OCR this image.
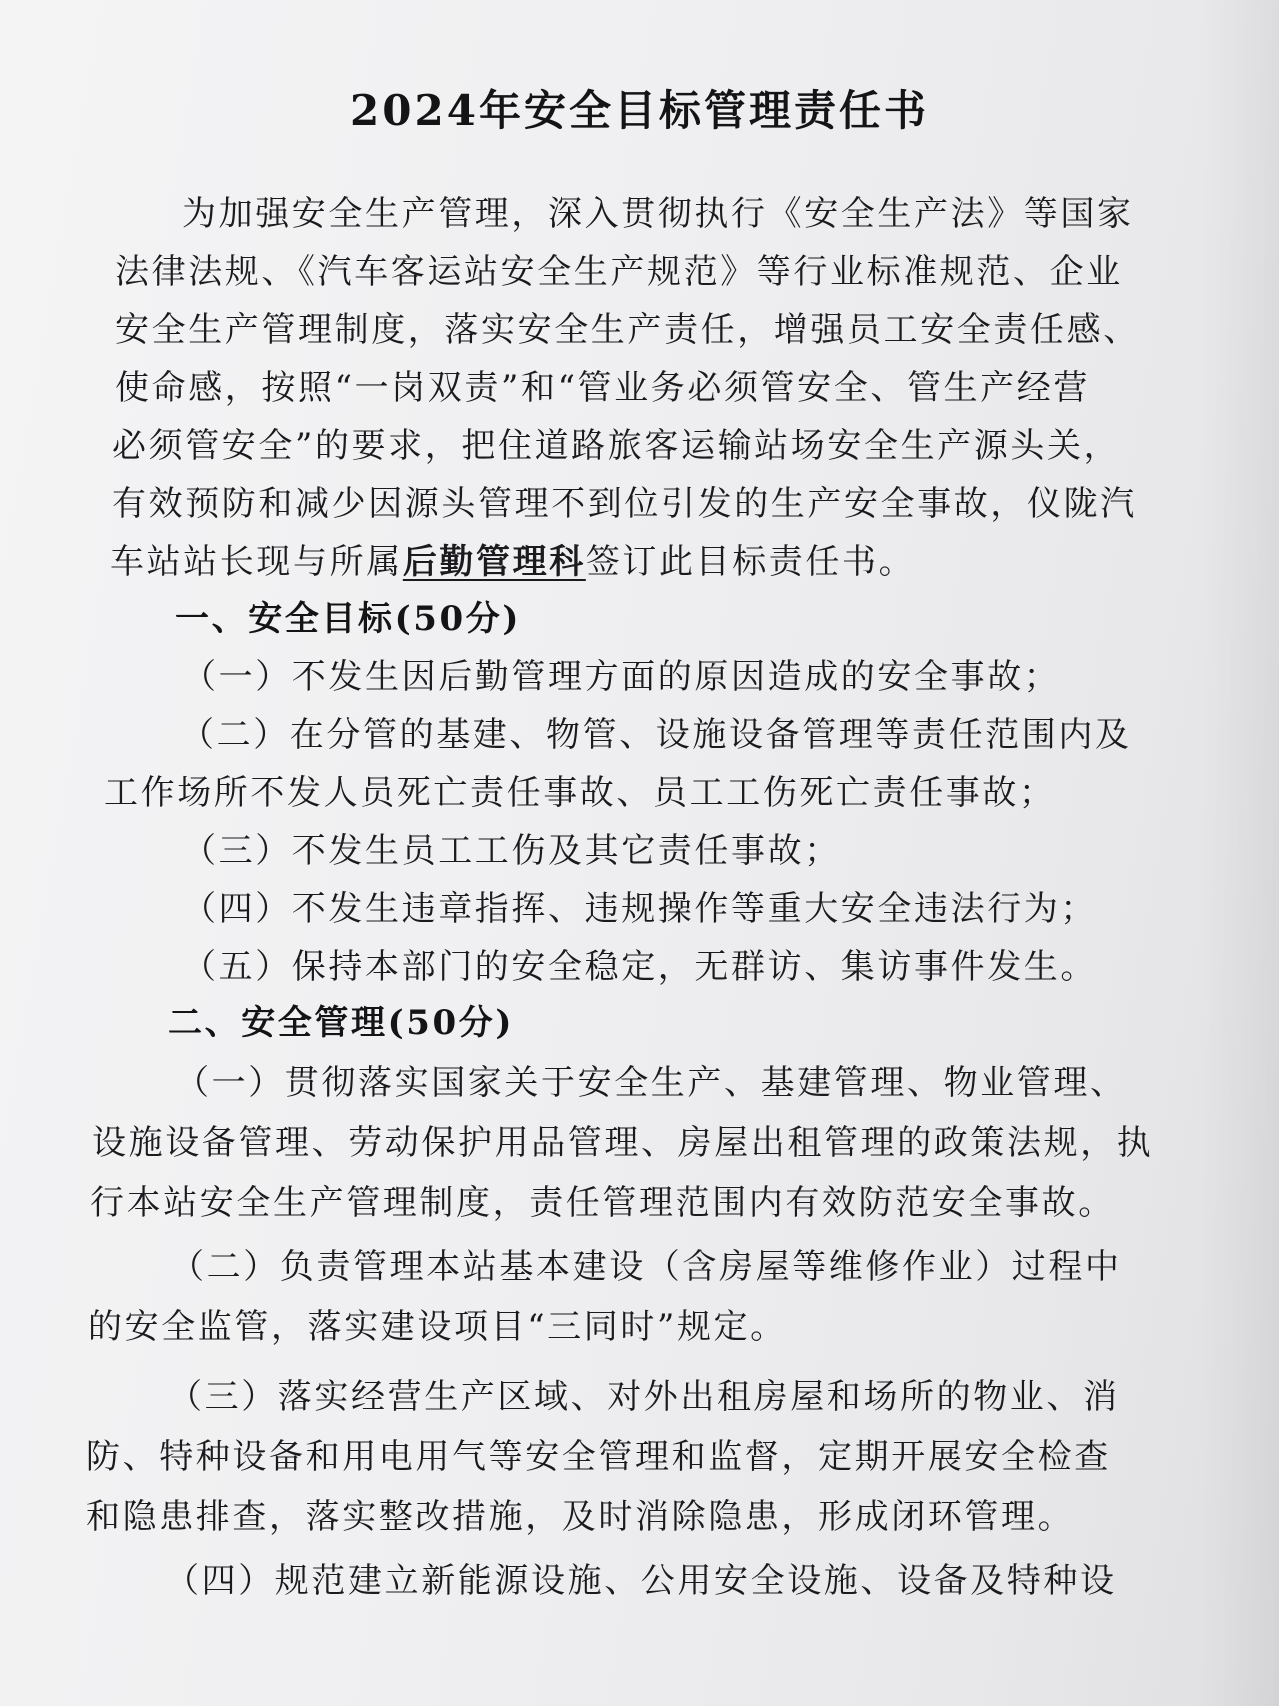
2024年安全目标管理责任书
为加强安全生产管理，深入贯彻执行《安全生产法》等国家
法律法规、《汽车客运站安全生产规范》等行业标准规范、企业
安全生产管理制度，落实安全生产责任，增强员工安全责任感、
使命感，按照“一岗双责”和“管业务必须管安全、管生产经营
必须管安全”的要求，把住道路旅客运输站场安全生产源头关，
有效预防和减少因源头管理不到位引发的生产安全事故，仪陇汽
车站站长现与所属后勤管理科签订此目标责任书。
一、安全目标(50分)
（一）不发生因后勤管理方面的原因造成的安全事故；
（二）在分管的基建、物管、设施设备管理等责任范围内及
工作场所不发人员死亡责任事故、员工工伤死亡责任事故；
（三）不发生员工工伤及其它责任事故；
（四）不发生违章指挥、违规操作等重大安全违法行为；
（五）保持本部门的安全稳定，无群访、集访事件发生。
二、安全管理(50分)
（一）贯彻落实国家关于安全生产、基建管理、物业管理、
设施设备管理、劳动保护用品管理、房屋出租管理的政策法规，执
行本站安全生产管理制度，责任管理范围内有效防范安全事故。
（二）负责管理本站基本建设（含房屋等维修作业）过程中
的安全监管，落实建设项目“三同时”规定。
（三）落实经营生产区域、对外出租房屋和场所的物业、消
防、特种设备和用电用气等安全管理和监督，定期开展安全检查
和隐患排查，落实整改措施，及时消除隐患，形成闭环管理。
（四）规范建立新能源设施、公用安全设施、设备及特种设
